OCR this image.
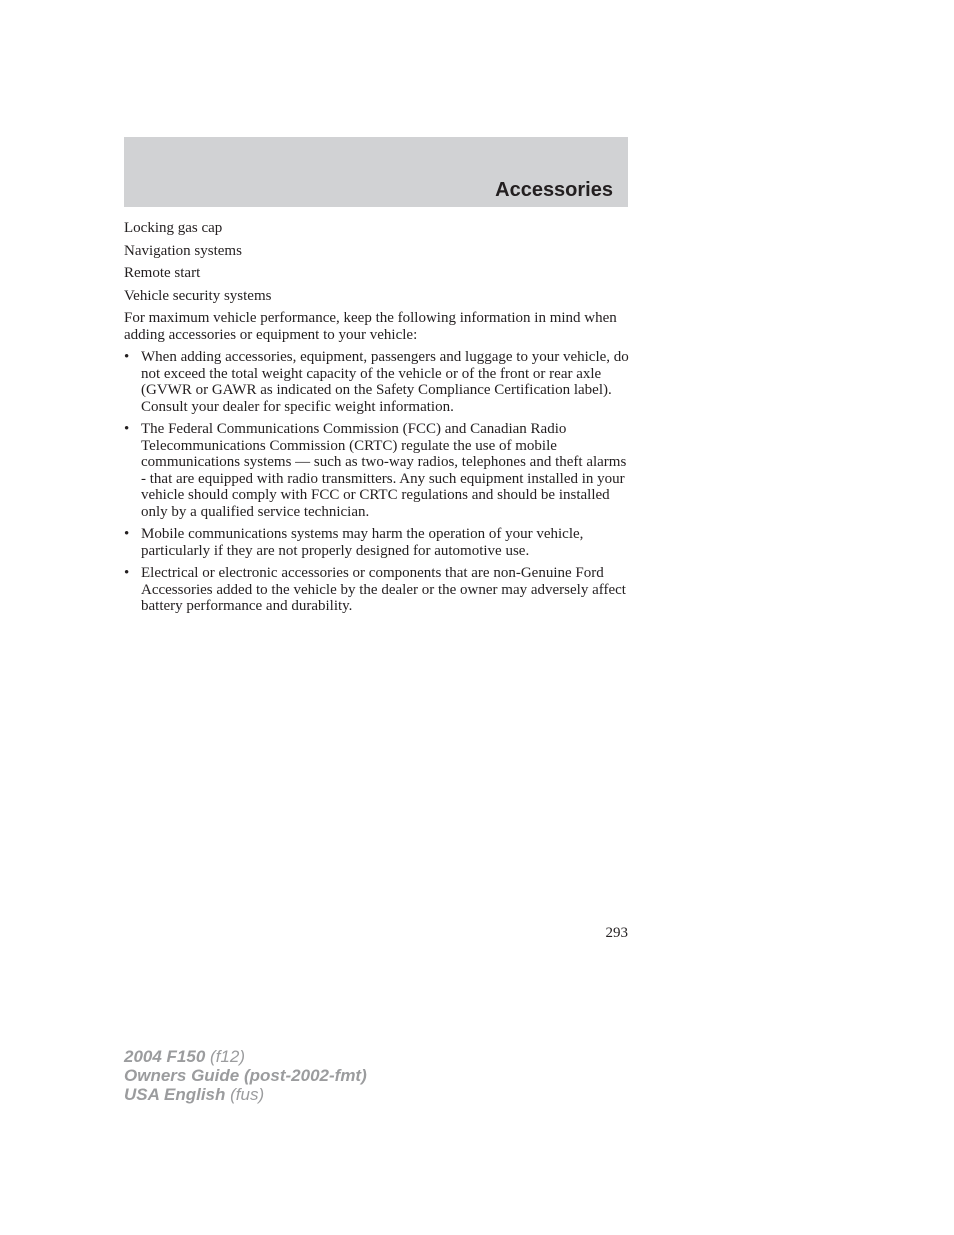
Accessories

Locking gas cap

Navigation systems

Remote start

Vehicle security systems

For maximum vehicle performance, keep the following information in mind when adding accessories or equipment to your vehicle:

• When adding accessories, equipment, passengers and luggage to your vehicle, do not exceed the total weight capacity of the vehicle or of the front or rear axle (GVWR or GAWR as indicated on the Safety Compliance Certification label). Consult your dealer for specific weight information.
• The Federal Communications Commission (FCC) and Canadian Radio Telecommunications Commission (CRTC) regulate the use of mobile communications systems — such as two-way radios, telephones and theft alarms - that are equipped with radio transmitters. Any such equipment installed in your vehicle should comply with FCC or CRTC regulations and should be installed only by a qualified service technician.
• Mobile communications systems may harm the operation of your vehicle, particularly if they are not properly designed for automotive use.
• Electrical or electronic accessories or components that are non-Genuine Ford Accessories added to the vehicle by the dealer or the owner may adversely affect battery performance and durability.
293
2004 F150 (f12)
Owners Guide (post-2002-fmt)
USA English (fus)
